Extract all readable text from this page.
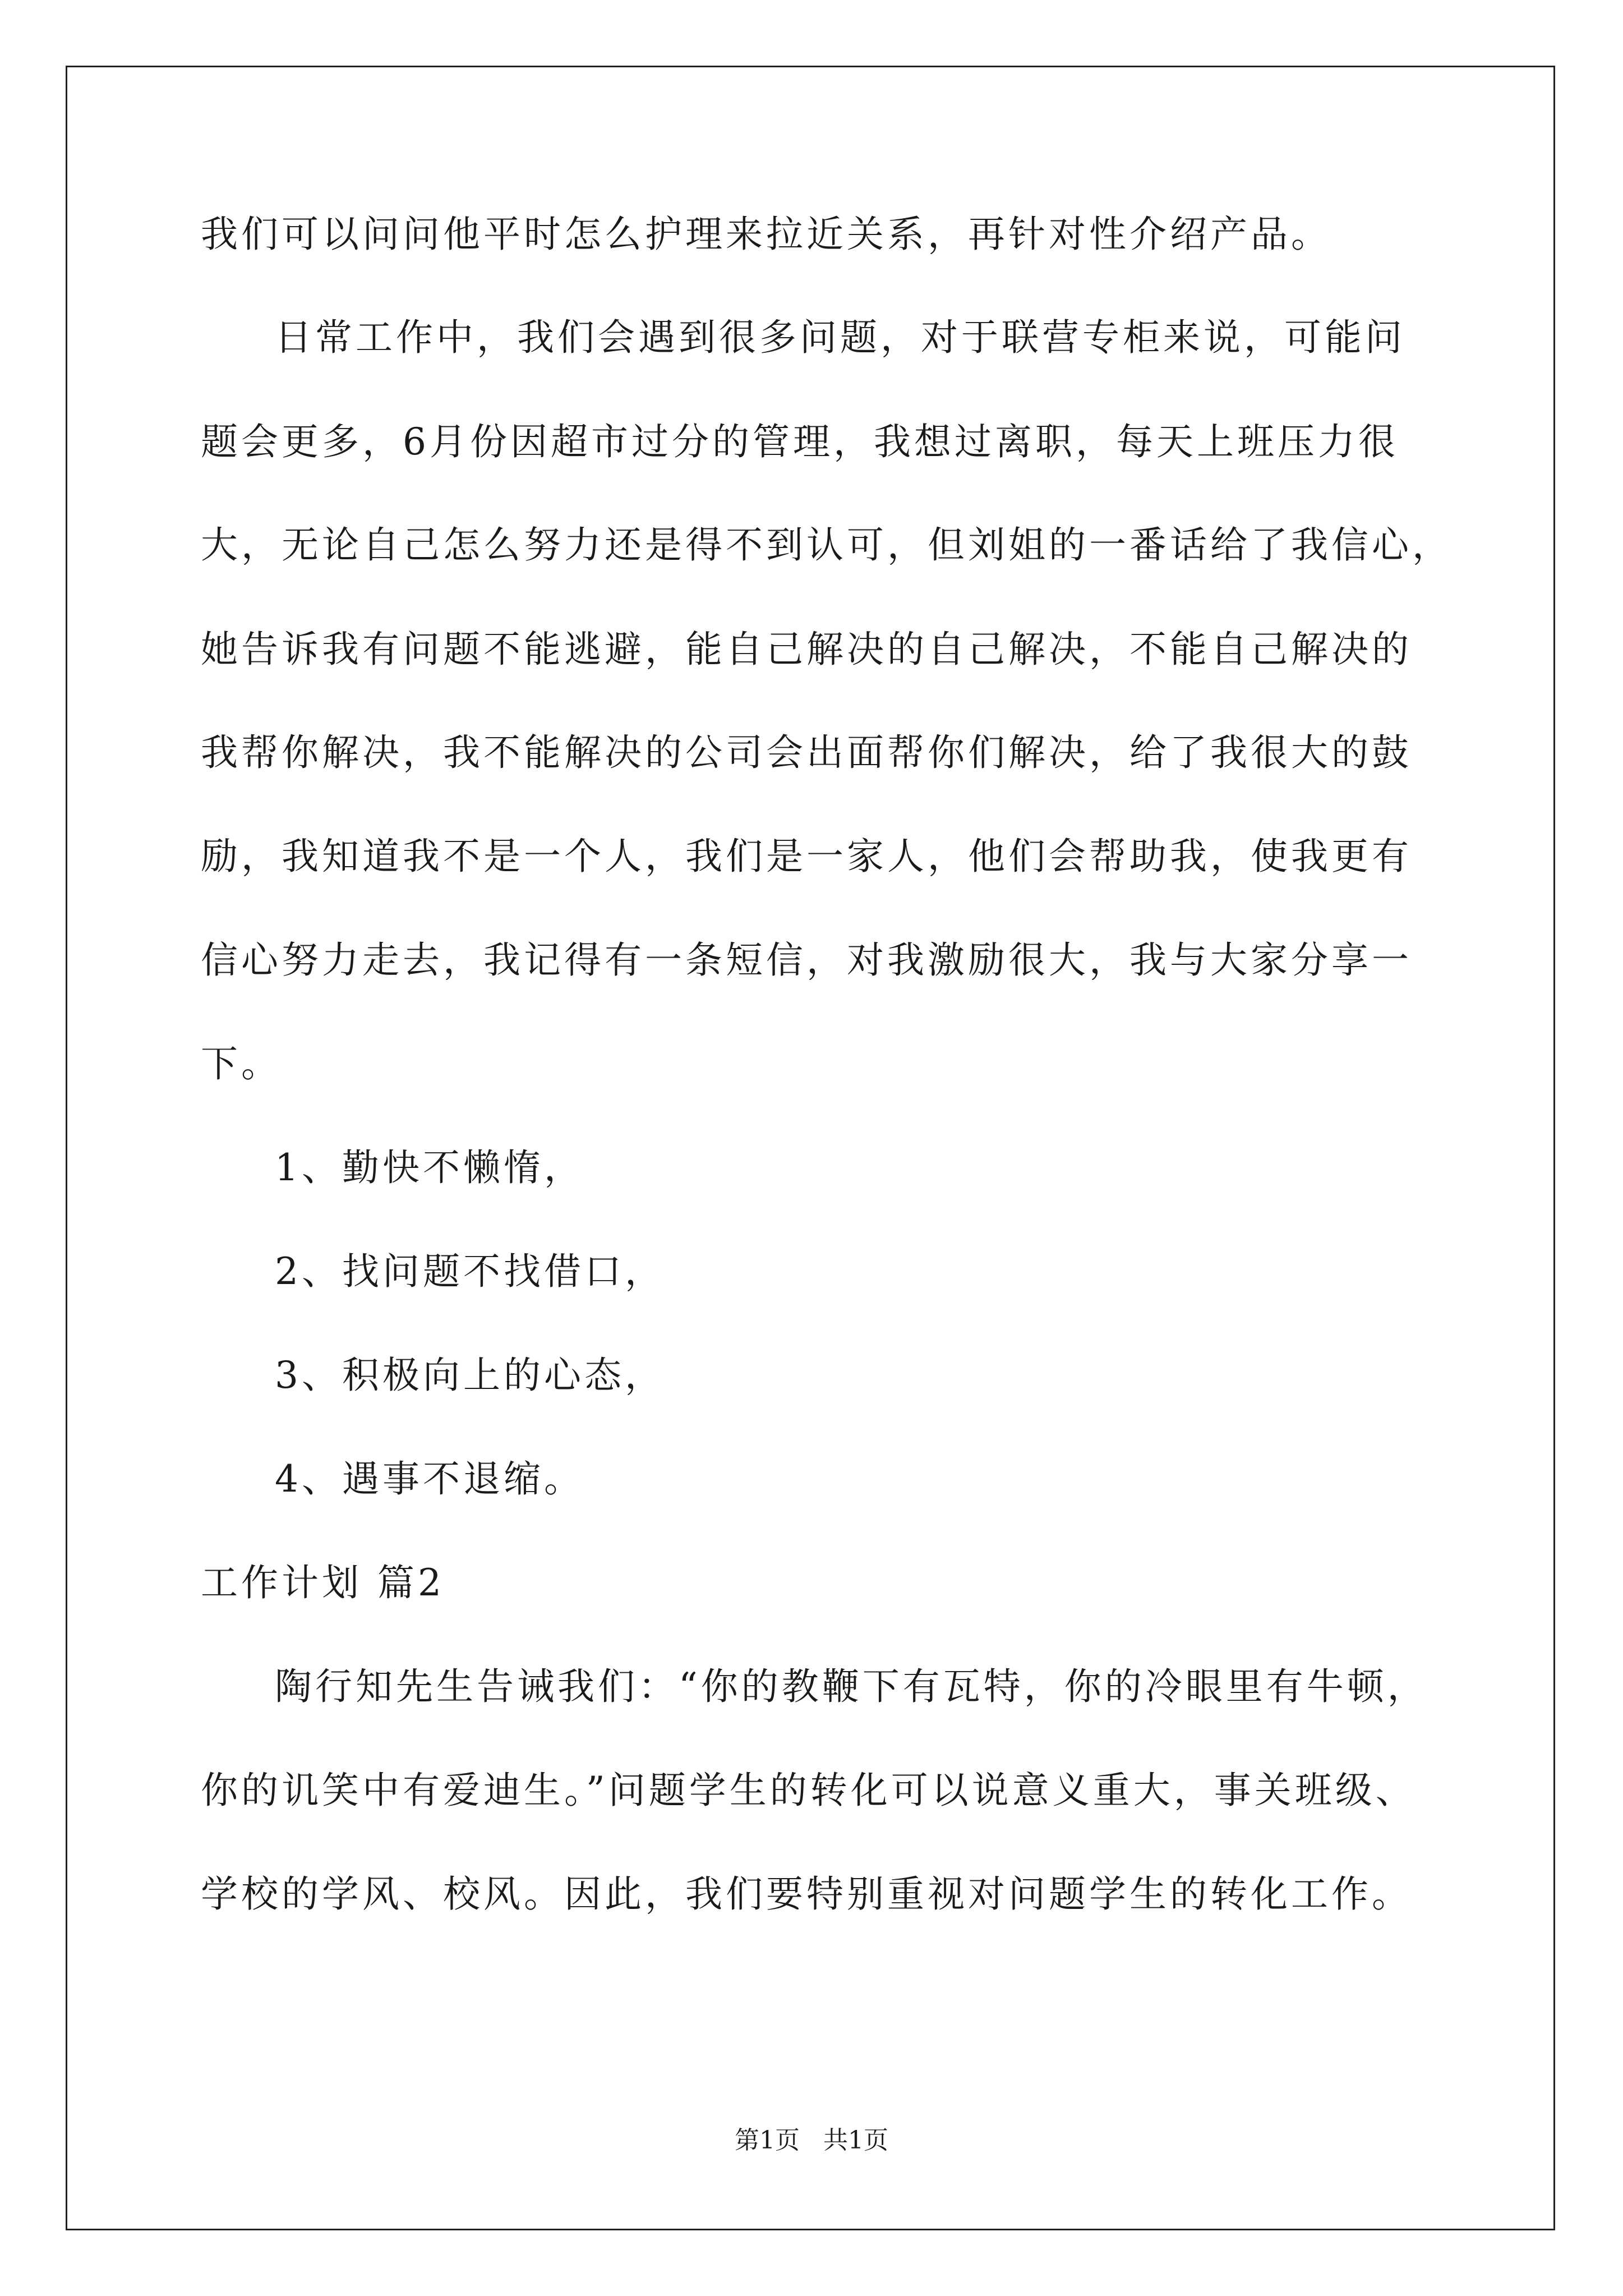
我们可以问问他平时怎么护理来拉近关系，再针对性介绍产品。
日常工作中，我们会遇到很多问题，对于联营专柜来说，可能问
题会更多，6月份因超市过分的管理，我想过离职，每天上班压力很
大，无论自己怎么努力还是得不到认可，但刘姐的一番话给了我信心，
她告诉我有问题不能逃避，能自己解决的自己解决，不能自己解决的
我帮你解决，我不能解决的公司会出面帮你们解决，给了我很大的鼓
励，我知道我不是一个人，我们是一家人，他们会帮助我，使我更有
信心努力走去，我记得有一条短信，对我激励很大，我与大家分享一
下。
1、勤快不懒惰，
2、找问题不找借口，
3、积极向上的心态，
4、遇事不退缩。
工作计划 篇2
陶行知先生告诫我们：“你的教鞭下有瓦特，你的冷眼里有牛顿，
你的讥笑中有爱迪生。”问题学生的转化可以说意义重大，事关班级、
学校的学风、校风。因此，我们要特别重视对问题学生的转化工作。
第1页   共1页
